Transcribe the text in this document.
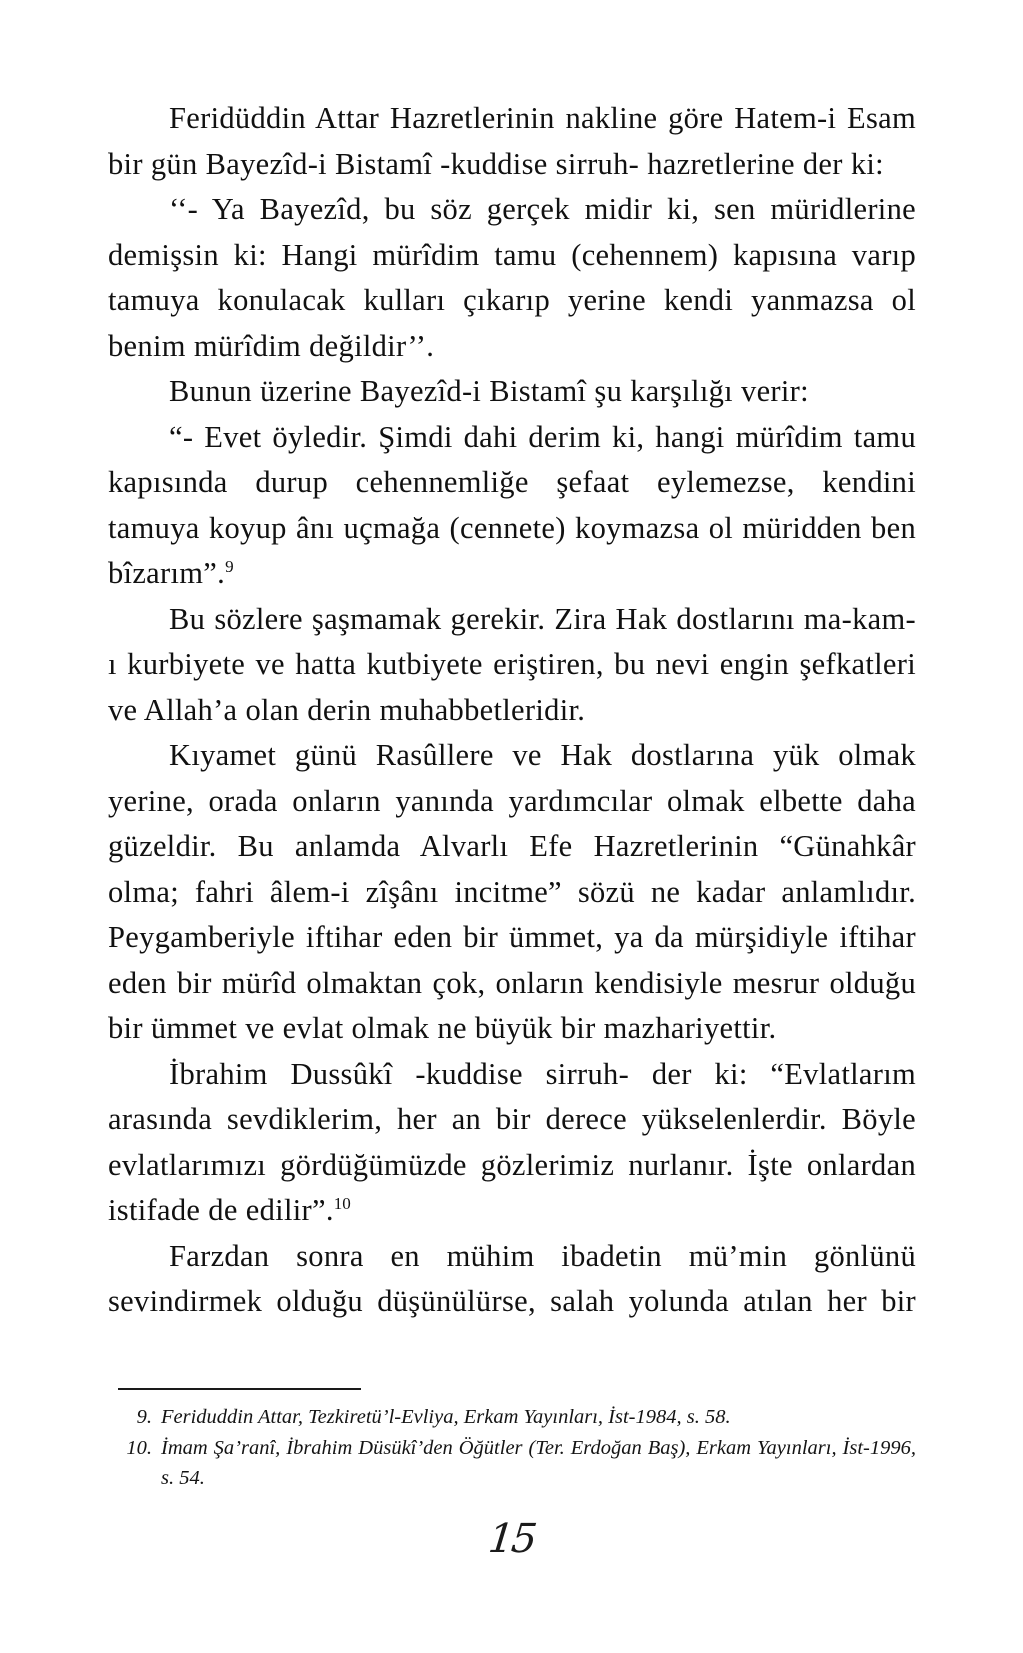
Feridüddin Attar Hazretlerinin nakline göre Hatem-i Esam bir gün Bayezîd-i Bistamî -kuddise sirruh- hazretlerine der ki:

‘‘- Ya Bayezîd, bu söz gerçek midir ki, sen müridlerine demişsin ki: Hangi mürîdim tamu (cehennem) kapısına varıp tamuya konulacak kulları çıkarıp yerine kendi yanmazsa ol benim mürîdim değildir’’.

Bunun üzerine Bayezîd-i Bistamî şu karşılığı verir:

“- Evet öyledir. Şimdi dahi derim ki, hangi mürîdim tamu kapısında durup cehennemliğe şefaat eylemezse, kendini tamuya koyup ânı uçmağa (cennete) koymazsa ol müridden ben bîzarım”.$^9$

Bu sözlere şaşmamak gerekir. Zira Hak dostlarını ma-kam-ı kurbiyete ve hatta kutbiyete eriştiren, bu nevi engin şefkatleri ve Allah’a olan derin muhabbetleridir.

Kıyamet günü Rasûllere ve Hak dostlarına yük olmak yerine, orada onların yanında yardımcılar olmak elbette daha güzeldir. Bu anlamda Alvarlı Efe Hazretlerinin “Günahkâr olma; fahri âlem-i zîşânı incitme” sözü ne kadar anlamlıdır. Peygamberiyle iftihar eden bir ümmet, ya da mürşidiyle iftihar eden bir mürîd olmaktan çok, onların kendisiyle mesrur olduğu bir ümmet ve evlat olmak ne büyük bir mazhariyettir.

İbrahim Dussûkî -kuddise sirruh- der ki: “Evlatlarım arasında sevdiklerim, her an bir derece yükselenlerdir. Böyle evlatlarımızı gördüğümüzde gözlerimiz nurlanır. İşte onlardan istifade de edilir”.$^{10}$

Farzdan sonra en mühim ibadetin mü’min gönlünü sevindirmek olduğu düşünülürse, salah yolunda atılan her bir

9. Feriduddin Attar, Tezkiretü’l-Evliya, Erkam Yayınları, İst-1984, s. 58.
10. İmam Şa’ranî, İbrahim Düsükî’den Öğütler (Ter. Erdoğan Baş), Erkam Yayınları, İst-1996, s. 54.
15
